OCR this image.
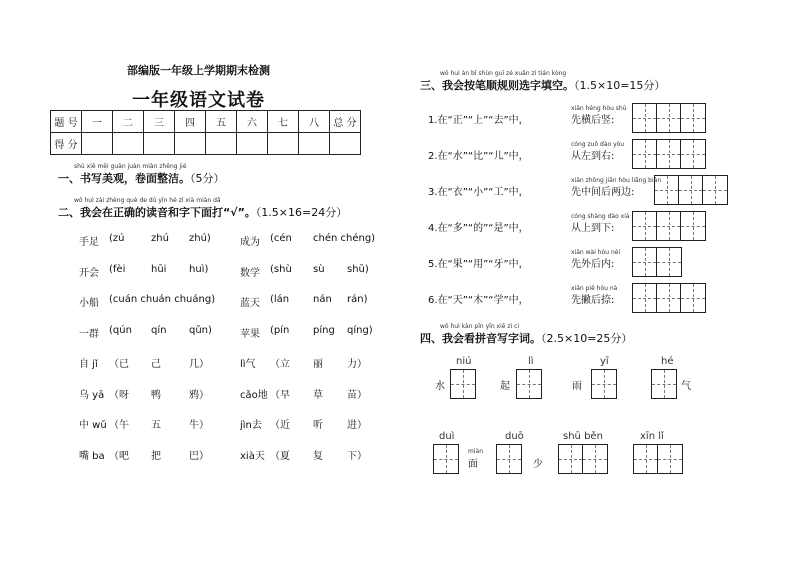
部编版一年级上学期期末检测
一年级语文试卷
题 号	一	二	三	四	五	六	七	八	总 分
得 分									
shū xiě měi guān juàn miàn zhěng jié
一、书写美观，卷面整洁。（5分）
wǒ huì zài zhèng què de dú yīn hé zì xià miàn dǎ
二、我会在正确的读音和字下面打“√”。（1.5×16=24分）
手足 (zú	zhú zhú)
开会 (fèi	hūi huì)
小船 (cuán chuán chuáng)
一群 (qún qín qǔn)
自 jǐ （已 己	几）
乌 yā （呀 鸭	鸦）
中 wǔ （午 五	牛）
嘴 ba （吧 把	巴）
成为 (cén chén chéng)
数学 (shù sù shū)
蓝天 (lán nán rán)
苹果 (pín píng qíng)
lì气 （立 丽 力）
cǎo地 （早 草 苗）
jìn去 （近 听 进）
xià天 （夏 复 下）
wǒ huì àn bǐ shùn guī zé xuǎn zì tián kòng
三、我会按笔顺规则选字填空。（1.5×10=15分）
1.在“正”“上”“去”中，
xiān héng hòu shù
先横后竖:
2.在“水”“比”“儿”中，
cóng zuǒ dào yòu
从左到右:
3.在“衣”“小”“工”中，
xiān zhōng jiān hòu liǎng biān
先中间后两边:
4.在“多”“的”“是”中，
cóng shàng dào xià
从上到下:
5.在“果”“用”“牙”中，
xiān wài hòu nèi
先外后内:
6.在“天”“木”“学”中，
xiān piě hòu nà
先撇后捺:
wǒ huì kàn pīn yīn xiě zì cí
四、我会看拼音写字词。（2.5×10=25分）
niú
水
lì
起
yī
雨
hé
气
duì
miàn
面
duō
少
shū běn	xīn lǐ
